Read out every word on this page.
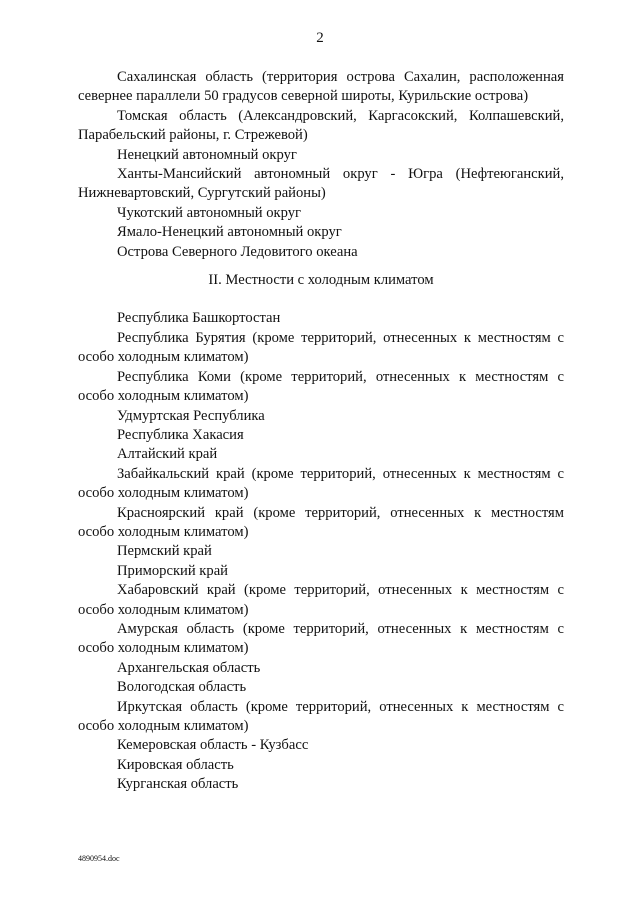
2

Сахалинская область (территория острова Сахалин, расположенная севернее параллели 50 градусов северной широты, Курильские острова)

Томская область (Александровский, Каргасокский, Колпашевский, Парабельский районы, г. Стрежевой)

Ненецкий автономный округ

Ханты-Мансийский автономный округ - Югра (Нефтеюганский, Нижневартовский, Сургутский районы)

Чукотский автономный округ

Ямало-Ненецкий автономный округ

Острова Северного Ледовитого океана

II. Местности с холодным климатом

Республика Башкортостан

Республика Бурятия (кроме территорий, отнесенных к местностям с особо холодным климатом)

Республика Коми (кроме территорий, отнесенных к местностям с особо холодным климатом)

Удмуртская Республика

Республика Хакасия

Алтайский край

Забайкальский край (кроме территорий, отнесенных к местностям с особо холодным климатом)

Красноярский край (кроме территорий, отнесенных к местностям особо холодным климатом)

Пермский край

Приморский край

Хабаровский край (кроме территорий, отнесенных к местностям с особо холодным климатом)

Амурская область (кроме территорий, отнесенных к местностям с особо холодным климатом)

Архангельская область

Вологодская область

Иркутская область (кроме территорий, отнесенных к местностям с особо холодным климатом)

Кемеровская область - Кузбасс

Кировская область

Курганская область

4890954.doc
